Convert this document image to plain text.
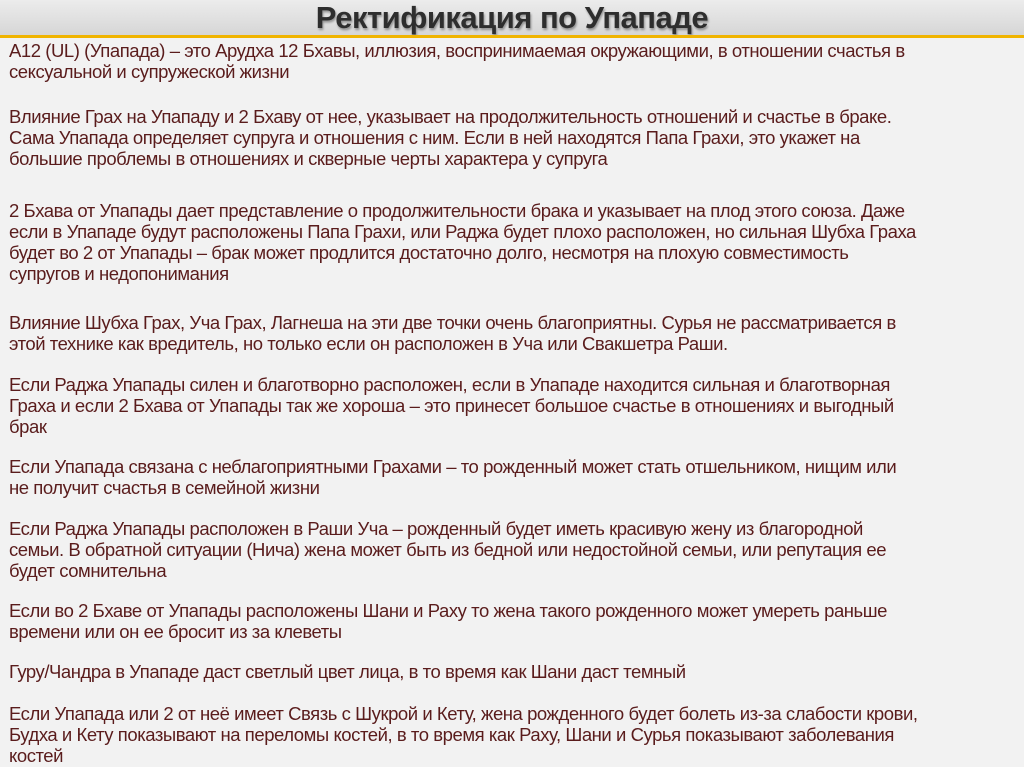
Ректификация по Упападе

A12 (UL) (Упапада) – это Арудха 12 Бхавы, иллюзия, воспринимаемая окружающими, в отношении счастья в
сексуальной и супружеской жизни

Влияние Грах на Упападу и 2 Бхаву от нее, указывает на продолжительность отношений и счастье в браке.
Сама Упапада определяет супруга и отношения с ним. Если в ней находятся Папа Грахи, это укажет на
большие проблемы в отношениях и скверные черты характера у супруга

2 Бхава от Упапады дает представление о продолжительности брака и указывает на плод этого союза. Даже
если в Упападе будут расположены Папа Грахи, или Раджа будет плохо расположен, но сильная Шубха Граха
будет во 2 от Упапады – брак может продлится достаточно долго, несмотря на плохую совместимость
супругов и недопонимания

Влияние Шубха Грах, Уча Грах, Лагнеша на эти две точки очень благоприятны. Сурья не рассматривается в
этой технике как вредитель, но только если он расположен в Уча или Свакшетра Раши.

Если Раджа Упапады силен и благотворно расположен, если в Упападе находится сильная и благотворная
Граха и если 2 Бхава от Упапады так же хороша – это принесет большое счастье в отношениях и выгодный
брак

Если Упапада связана с неблагоприятными Грахами – то рожденный может стать отшельником, нищим или
не получит счастья в семейной жизни

Если Раджа Упапады расположен в Раши Уча – рожденный будет иметь красивую жену из благородной
семьи. В обратной ситуации (Нича) жена может быть из бедной или недостойной семьи, или репутация ее
будет сомнительна

Если во 2 Бхаве от Упапады расположены Шани и Раху то жена такого рожденного может умереть раньше
времени или он ее бросит из за клеветы

Гуру/Чандра в Упападе даст светлый цвет лица, в то время как Шани даст темный

Если Упапада или 2 от неё имеет Связь с Шукрой и Кету, жена рожденного будет болеть из-за слабости крови,
Будха и Кету показывают на переломы костей, в то время как Раху, Шани и Сурья показывают заболевания
костей
